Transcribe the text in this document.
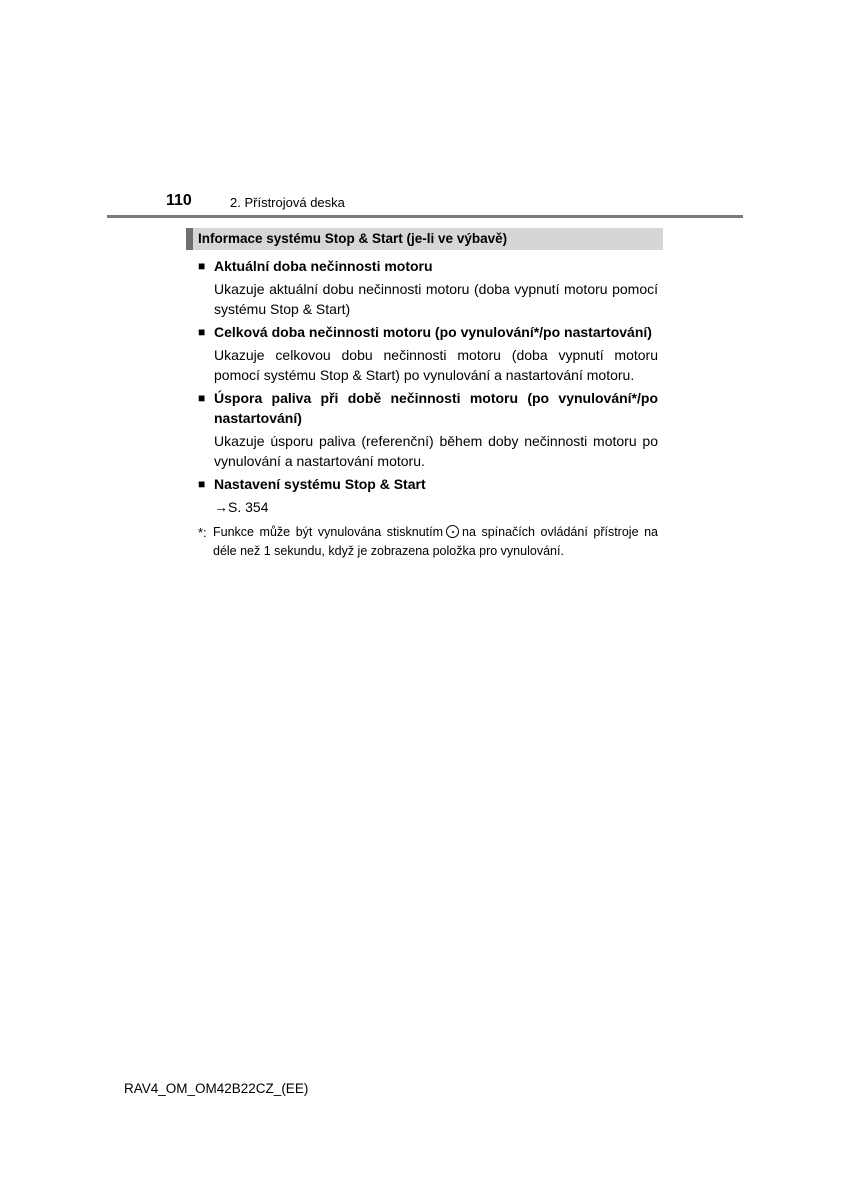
110	2. Přístrojová deska
Informace systému Stop & Start (je-li ve výbavě)
■ Aktuální doba nečinnosti motoru
Ukazuje aktuální dobu nečinnosti motoru (doba vypnutí motoru pomocí systému Stop & Start)
■ Celková doba nečinnosti motoru (po vynulování*/po nastartování)
Ukazuje celkovou dobu nečinnosti motoru (doba vypnutí motoru pomocí systému Stop & Start) po vynulování a nastartování motoru.
■ Úspora paliva při době nečinnosti motoru (po vynulování*/po nastartování)
Ukazuje úsporu paliva (referenční) během doby nečinnosti motoru po vynulování a nastartování motoru.
■ Nastavení systému Stop & Start
→S. 354
*: Funkce může být vynulována stisknutím na spínačích ovládání přístroje na déle než 1 sekundu, když je zobrazena položka pro vynulování.
RAV4_OM_OM42B22CZ_(EE)
